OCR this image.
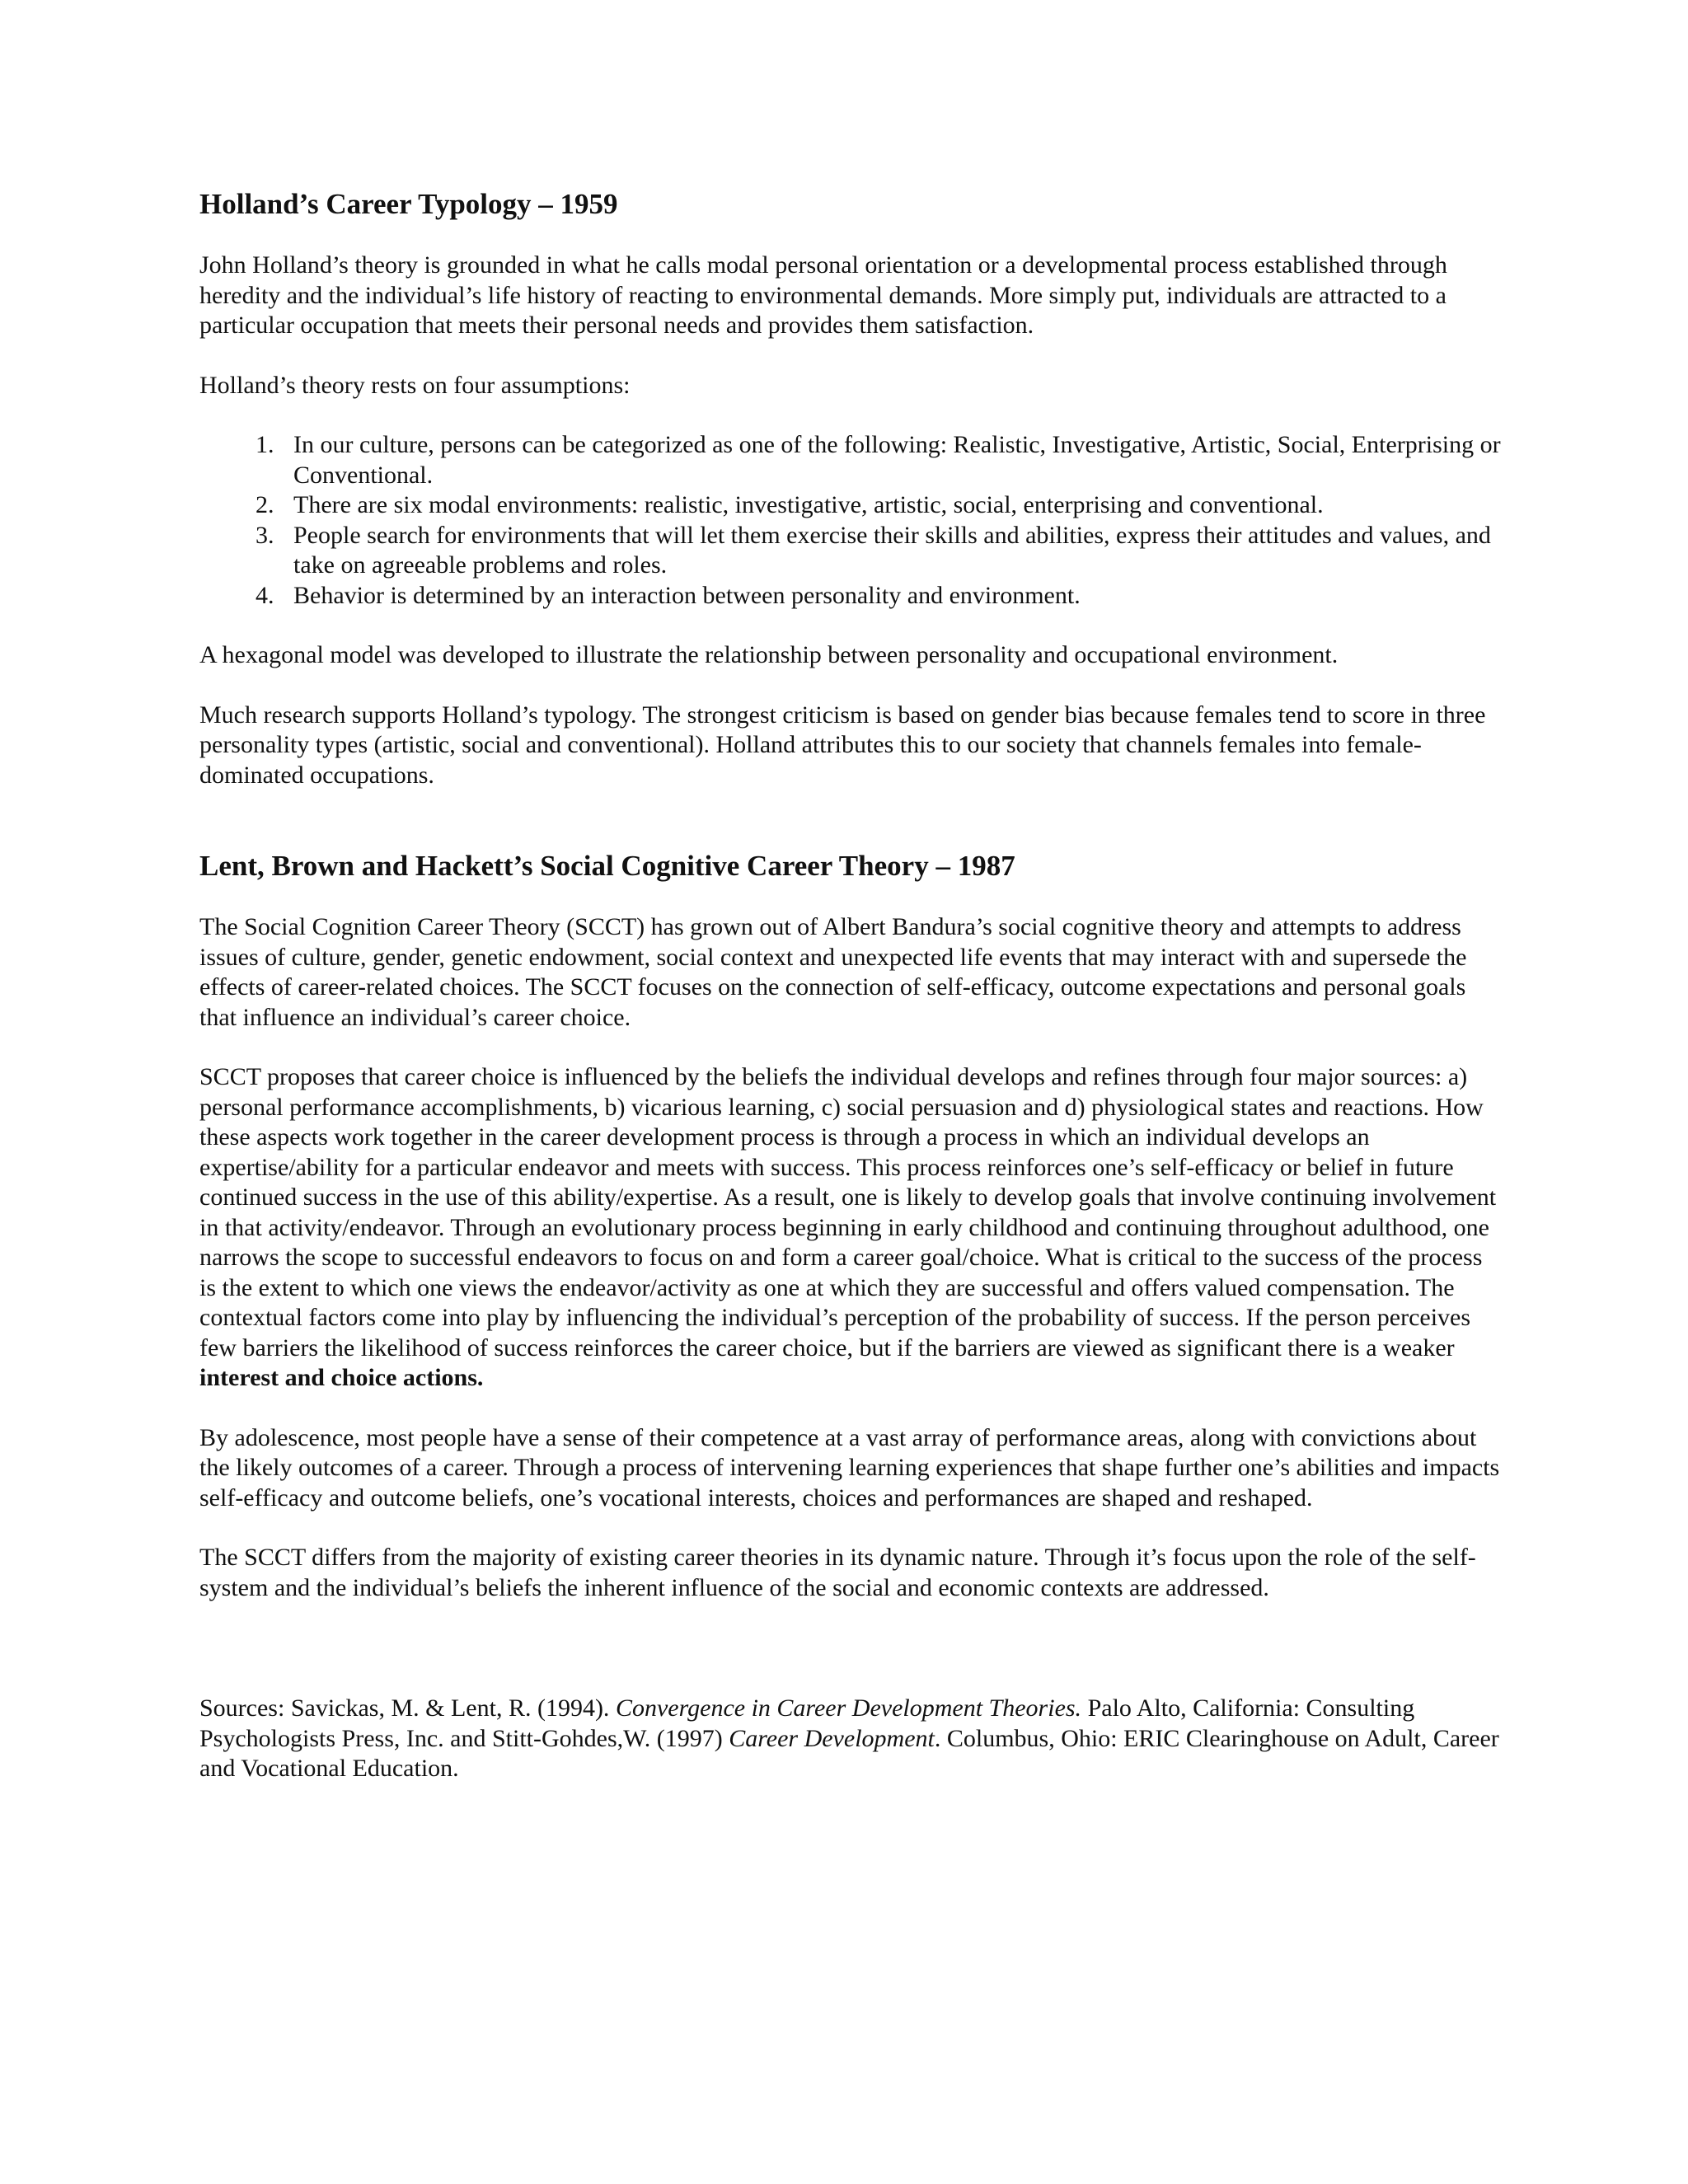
Holland’s Career Typology – 1959

John Holland’s theory is grounded in what he calls modal personal orientation or a developmental process established through heredity and the individual’s life history of reacting to environmental demands. More simply put, individuals are attracted to a particular occupation that meets their personal needs and provides them satisfaction.

Holland’s theory rests on four assumptions:

1. In our culture, persons can be categorized as one of the following: Realistic, Investigative, Artistic, Social, Enterprising or Conventional.
2. There are six modal environments: realistic, investigative, artistic, social, enterprising and conventional.
3. People search for environments that will let them exercise their skills and abilities, express their attitudes and values, and take on agreeable problems and roles.
4. Behavior is determined by an interaction between personality and environment.

A hexagonal model was developed to illustrate the relationship between personality and occupational environment.

Much research supports Holland’s typology. The strongest criticism is based on gender bias because females tend to score in three personality types (artistic, social and conventional). Holland attributes this to our society that channels females into female-dominated occupations.

Lent, Brown and Hackett’s Social Cognitive Career Theory – 1987

The Social Cognition Career Theory (SCCT) has grown out of Albert Bandura’s social cognitive theory and attempts to address issues of culture, gender, genetic endowment, social context and unexpected life events that may interact with and supersede the effects of career-related choices. The SCCT focuses on the connection of self-efficacy, outcome expectations and personal goals that influence an individual’s career choice.

SCCT proposes that career choice is influenced by the beliefs the individual develops and refines through four major sources: a) personal performance accomplishments, b) vicarious learning, c) social persuasion and d) physiological states and reactions. How these aspects work together in the career development process is through a process in which an individual develops an expertise/ability for a particular endeavor and meets with success. This process reinforces one’s self-efficacy or belief in future continued success in the use of this ability/expertise. As a result, one is likely to develop goals that involve continuing involvement in that activity/endeavor. Through an evolutionary process beginning in early childhood and continuing throughout adulthood, one narrows the scope to successful endeavors to focus on and form a career goal/choice. What is critical to the success of the process is the extent to which one views the endeavor/activity as one at which they are successful and offers valued compensation. The contextual factors come into play by influencing the individual’s perception of the probability of success. If the person perceives few barriers the likelihood of success reinforces the career choice, but if the barriers are viewed as significant there is a weaker interest and choice actions.

By adolescence, most people have a sense of their competence at a vast array of performance areas, along with convictions about the likely outcomes of a career. Through a process of intervening learning experiences that shape further one’s abilities and impacts self-efficacy and outcome beliefs, one’s vocational interests, choices and performances are shaped and reshaped.

The SCCT differs from the majority of existing career theories in its dynamic nature. Through it’s focus upon the role of the self-system and the individual’s beliefs the inherent influence of the social and economic contexts are addressed.

Sources: Savickas, M. & Lent, R. (1994). Convergence in Career Development Theories. Palo Alto, California: Consulting Psychologists Press, Inc. and Stitt-Gohdes,W. (1997) Career Development. Columbus, Ohio: ERIC Clearinghouse on Adult, Career and Vocational Education.
